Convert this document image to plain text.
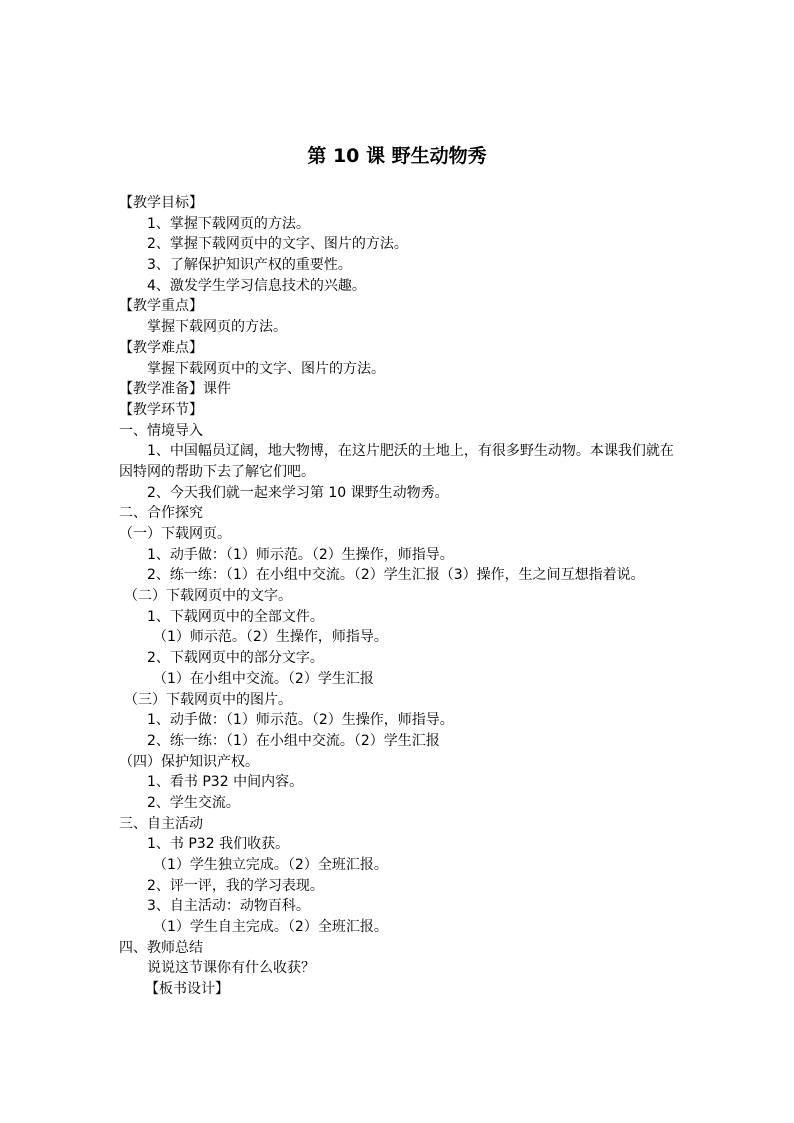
第 10 课 野生动物秀
【教学目标】
1、掌握下载网页的方法。
2、掌握下载网页中的文字、图片的方法。
3、了解保护知识产权的重要性。
4、激发学生学习信息技术的兴趣。
【教学重点】
掌握下载网页的方法。
【教学难点】
掌握下载网页中的文字、图片的方法。
【教学准备】课件
【教学环节】
一、情境导入
1、中国幅员辽阔，地大物博，在这片肥沃的土地上，有很多野生动物。本课我们就在因特网的帮助下去了解它们吧。
2、今天我们就一起来学习第 10 课野生动物秀。
二、合作探究
（一）下载网页。
1、动手做：（1）师示范。（2）生操作，师指导。
2、练一练：（1）在小组中交流。（2）学生汇报（3）操作，生之间互想指着说。
（二）下载网页中的文字。
1、下载网页中的全部文件。
（1）师示范。（2）生操作，师指导。
2、下载网页中的部分文字。
（1）在小组中交流。（2）学生汇报
（三）下载网页中的图片。
1、动手做：（1）师示范。（2）生操作，师指导。
2、练一练：（1）在小组中交流。（2）学生汇报
（四）保护知识产权。
1、看书 P32 中间内容。
2、学生交流。
三、自主活动
1、书 P32 我们收获。
（1）学生独立完成。（2）全班汇报。
2、评一评，我的学习表现。
3、自主活动：动物百科。
（1）学生自主完成。（2）全班汇报。
四、教师总结
说说这节课你有什么收获？
【板书设计】
